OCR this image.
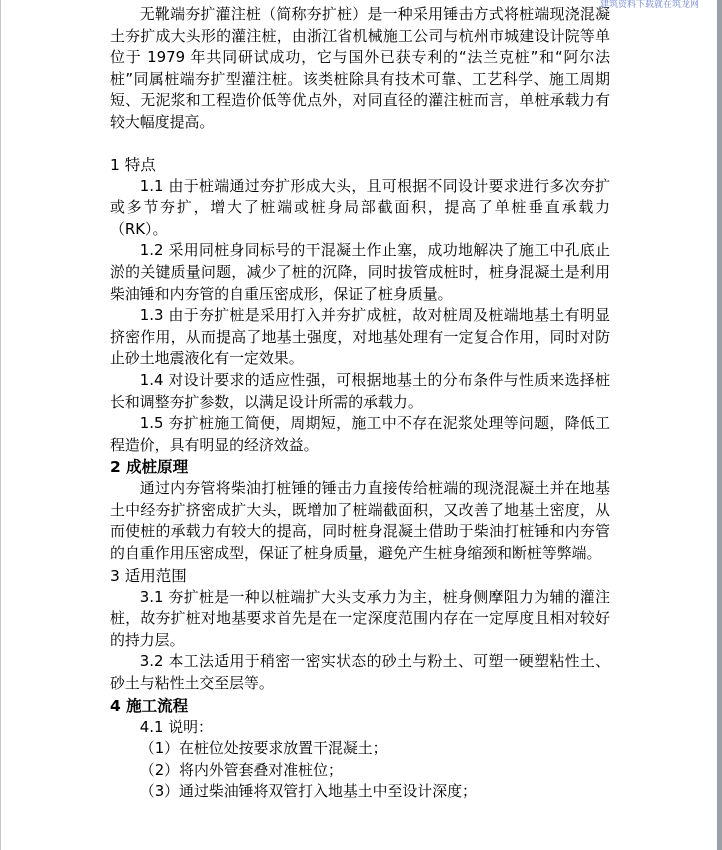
建筑资料下载就在筑龙网

无靴端夯扩灌注桩（简称夯扩桩）是一种采用锤击方式将桩端现浇混凝土夯扩成大头形的灌注桩，由浙江省机械施工公司与杭州市城建设计院等单位于 1979 年共同研试成功，它与国外已获专利的“法兰克桩”和“阿尔法桩”同属桩端夯扩型灌注桩。该类桩除具有技术可靠、工艺科学、施工周期短、无泥浆和工程造价低等优点外，对同直径的灌注桩而言，单桩承载力有较大幅度提高。

1 特点

1.1 由于桩端通过夯扩形成大头，且可根据不同设计要求进行多次夯扩或多节夯扩，增大了桩端或桩身局部截面积，提高了单桩垂直承载力（RK）。

1.2 采用同桩身同标号的干混凝土作止塞，成功地解决了施工中孔底止淤的关键质量问题，减少了桩的沉降，同时拔管成桩时，桩身混凝土是利用柴油锤和内夯管的自重压密成形，保证了桩身质量。

1.3 由于夯扩桩是采用打入并夯扩成桩，故对桩周及桩端地基土有明显挤密作用，从而提高了地基土强度，对地基处理有一定复合作用，同时对防止砂土地震液化有一定效果。

1.4 对设计要求的适应性强，可根据地基土的分布条件与性质来选择桩长和调整夯扩参数，以满足设计所需的承载力。

1.5 夯扩桩施工简便，周期短，施工中不存在泥浆处理等问题，降低工程造价，具有明显的经济效益。

2 成桩原理

通过内夯管将柴油打桩锤的锤击力直接传给桩端的现浇混凝土并在地基土中经夯扩挤密成扩大头，既增加了桩端截面积，又改善了地基土密度，从而使桩的承载力有较大的提高，同时桩身混凝土借助于柴油打桩锤和内夯管的自重作用压密成型，保证了桩身质量，避免产生桩身缩颈和断桩等弊端。

3 适用范围

3.1 夯扩桩是一种以桩端扩大头支承力为主，桩身侧摩阻力为辅的灌注桩，故夯扩桩对地基要求首先是在一定深度范围内存在一定厚度且相对较好的持力层。

3.2 本工法适用于稍密一密实状态的砂土与粉土、可塑一硬塑粘性土、砂土与粘性土交至层等。

4 施工流程

4.1 说明：

（1）在桩位处按要求放置干混凝土；

（2）将内外管套叠对准桩位；

（3）通过柴油锤将双管打入地基土中至设计深度；
